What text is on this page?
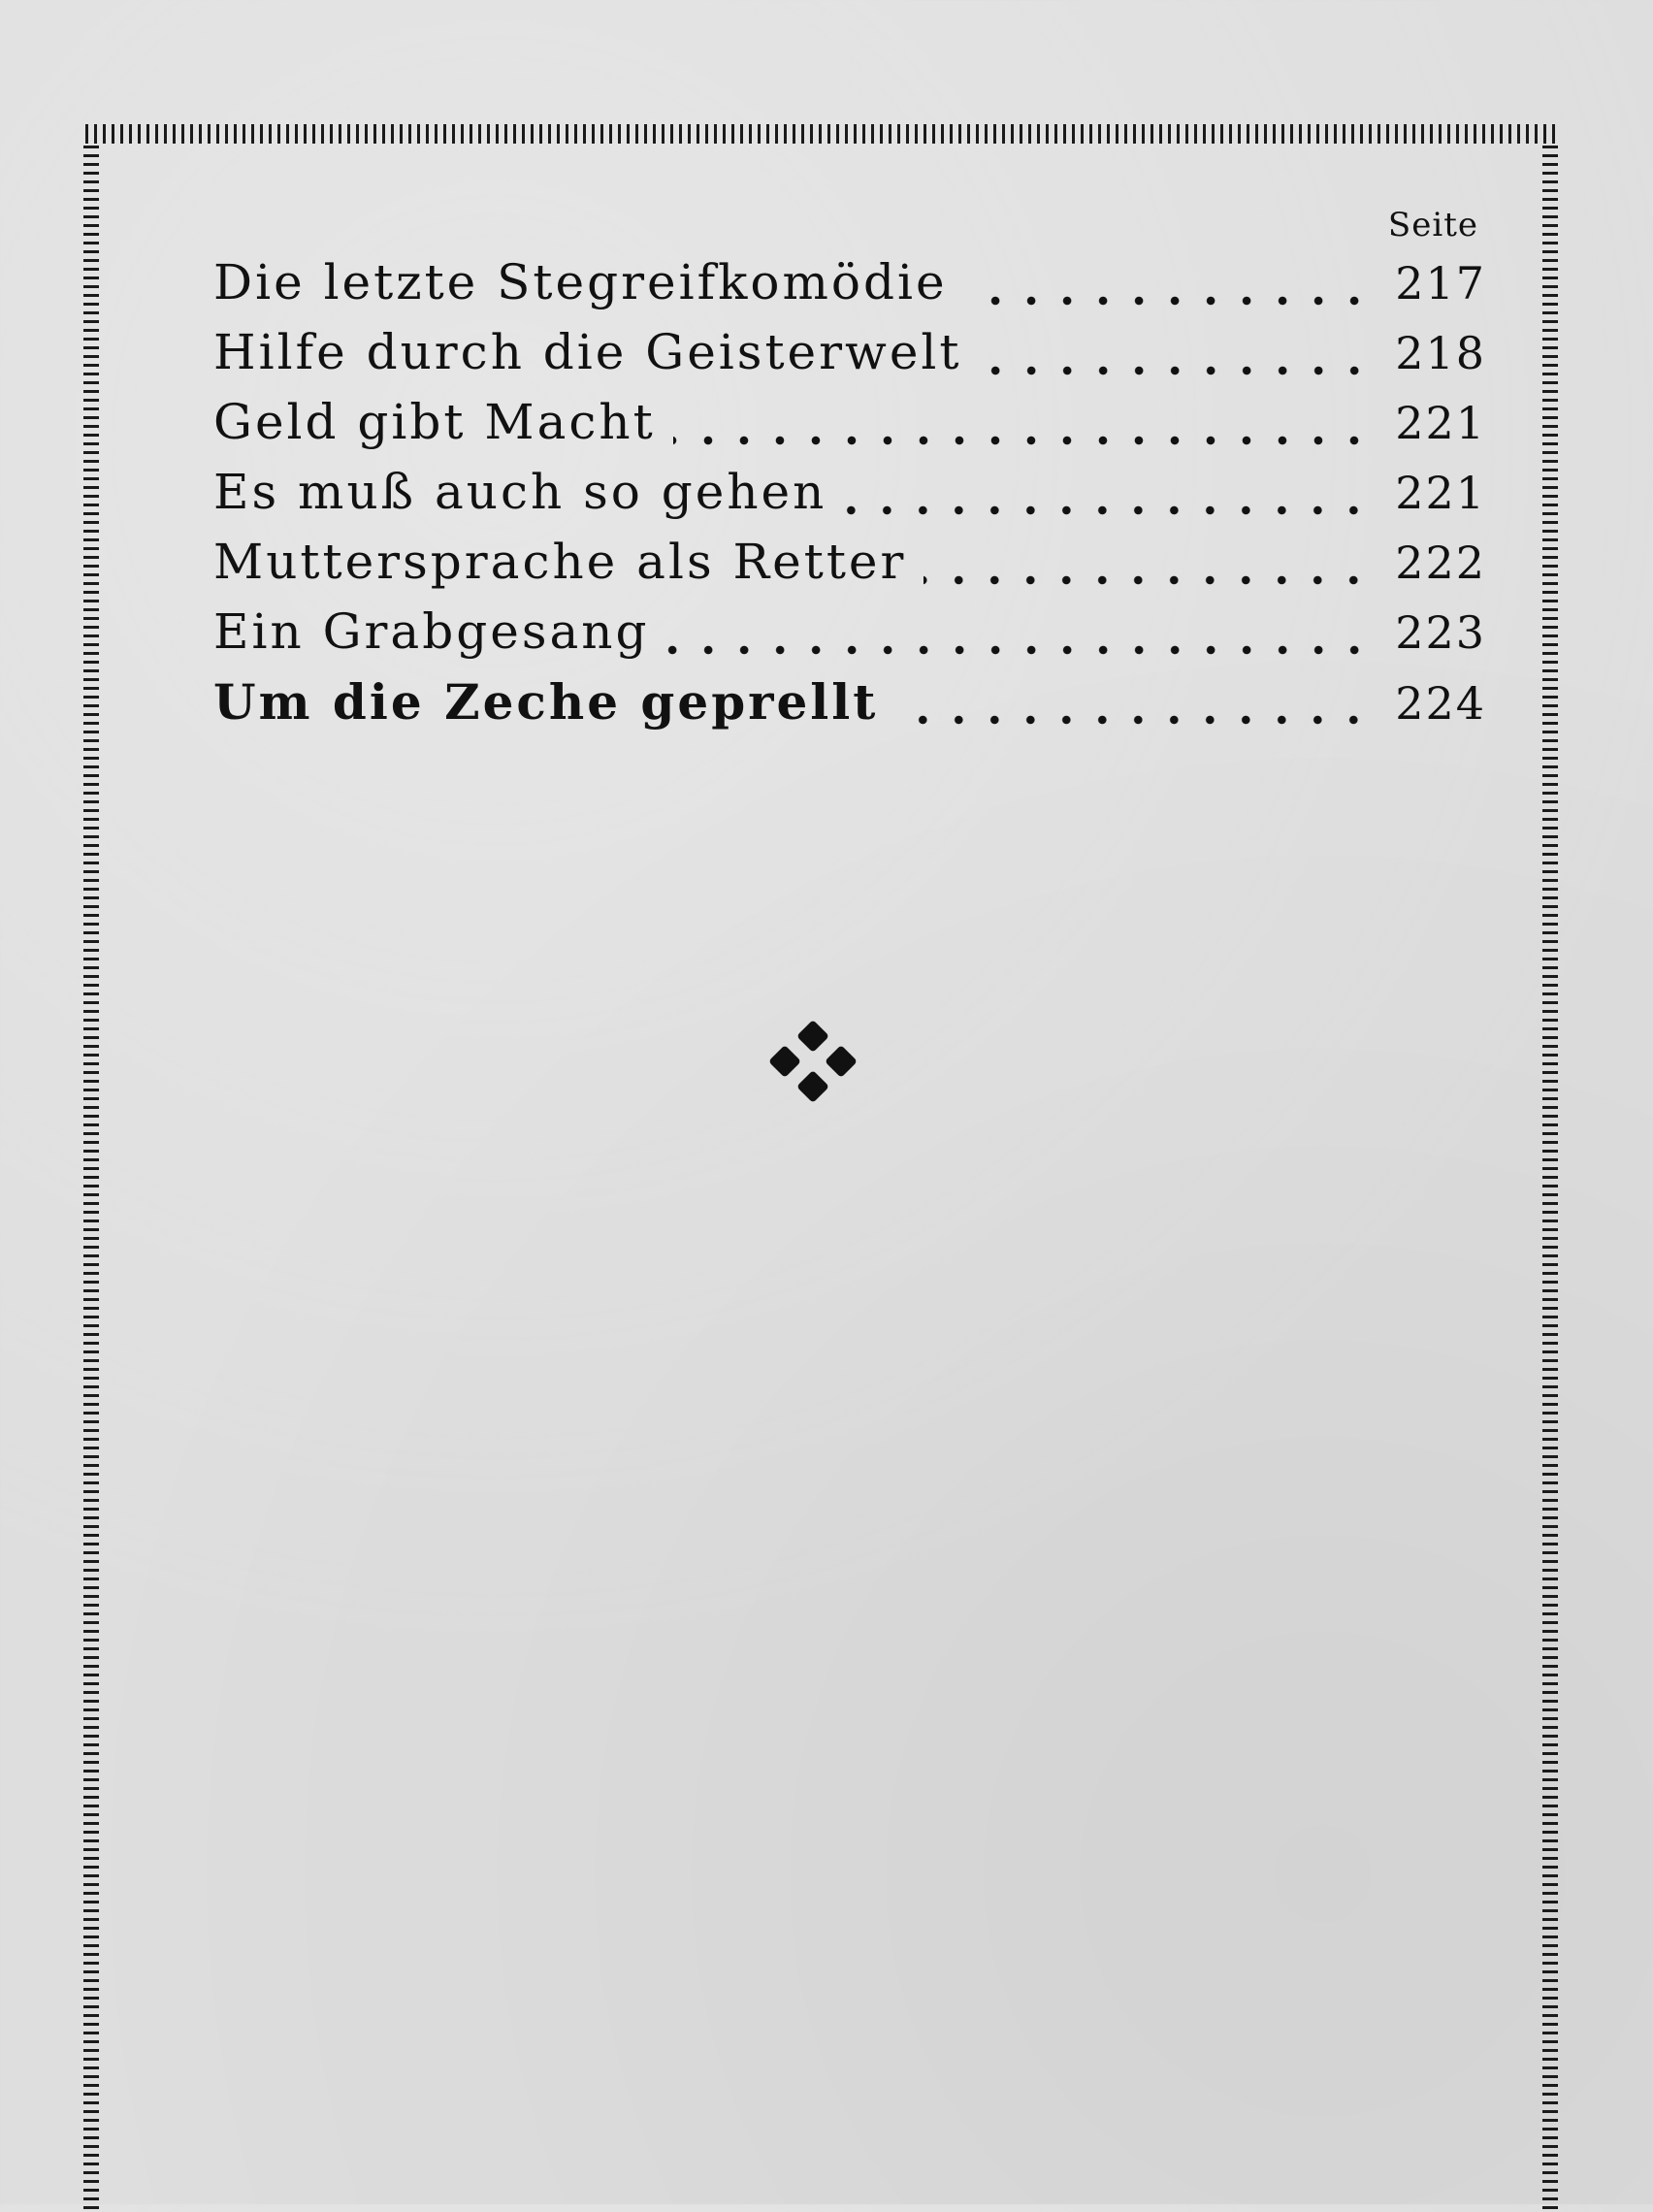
Seite
Die letzte Stegreifkomödie	217
Hilfe durch die Geisterwelt	218
Geld gibt Macht	221
Es muß auch so gehen	221
Muttersprache als Retter	222
Ein Grabgesang	223
Um die Zeche geprellt	224
